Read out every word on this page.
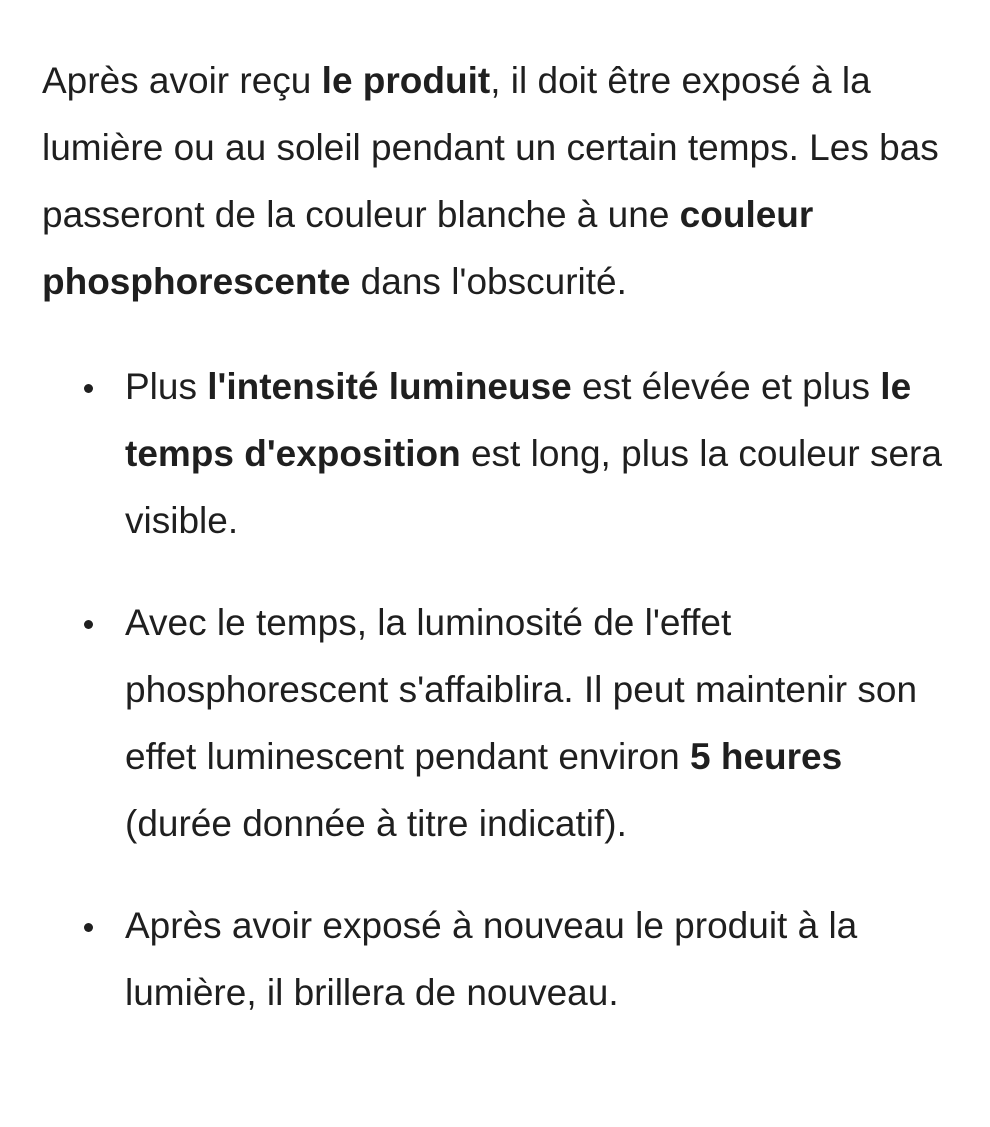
Après avoir reçu le produit, il doit être exposé à la lumière ou au soleil pendant un certain temps. Les bas passeront de la couleur blanche à une couleur phosphorescente dans l'obscurité.

Plus l'intensité lumineuse est élevée et plus le temps d'exposition est long, plus la couleur sera visible.
Avec le temps, la luminosité de l'effet phosphorescent s'affaiblira. Il peut maintenir son effet luminescent pendant environ 5 heures (durée donnée à titre indicatif).
Après avoir exposé à nouveau le produit à la lumière, il brillera de nouveau.
